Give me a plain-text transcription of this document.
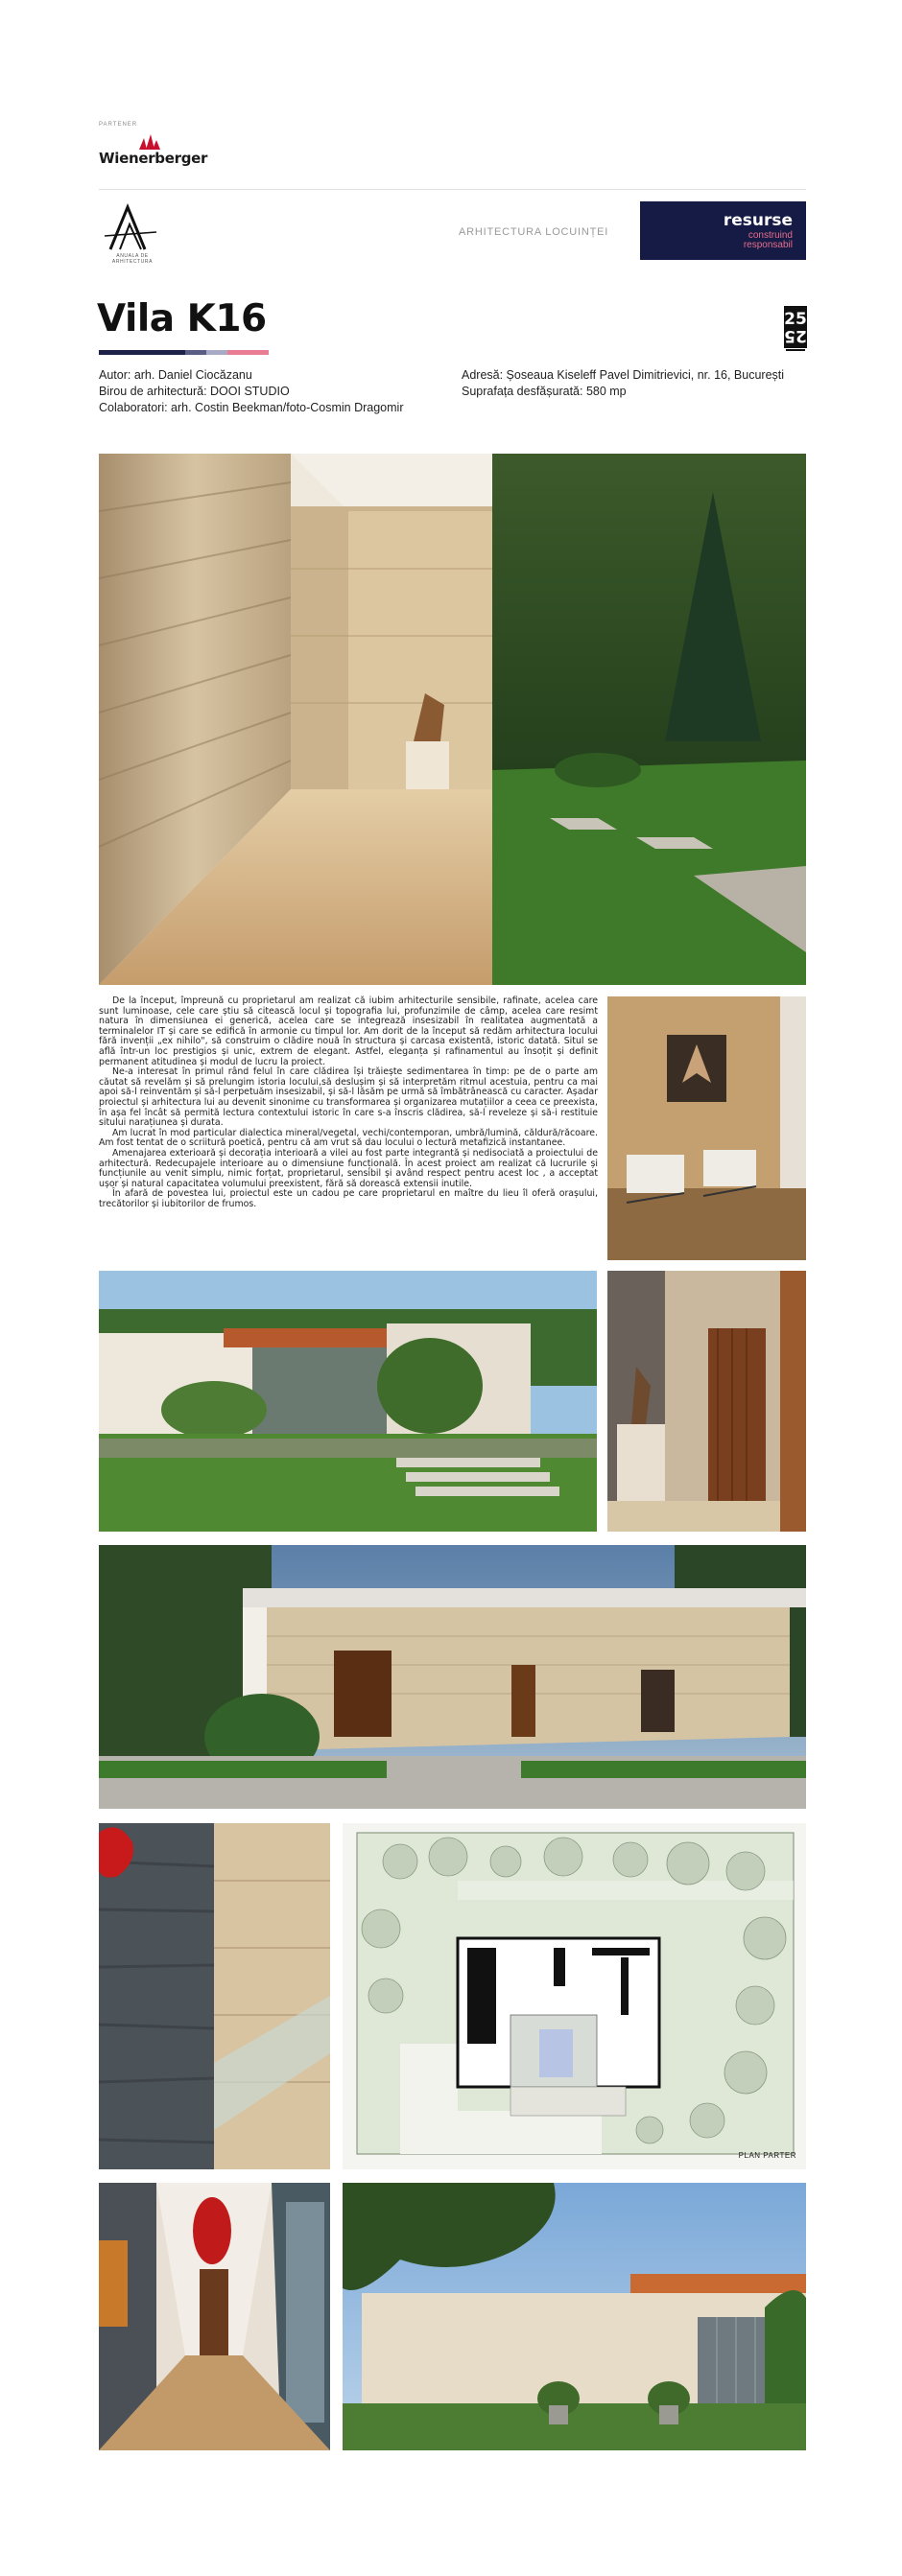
PARTENER
Wienerberger
ANUALA DE ARHITECTURA
ARHITECTURA LOCUINȚEI
resurse
construind
responsabil
Vila K16	25
25
Autor: arh. Daniel Ciocăzanu
Birou de arhitectură: DOOI STUDIO
Colaboratori: arh. Costin Beekman/foto-Cosmin Dragomir
Adresă: Șoseaua Kiseleff Pavel Dimitrievici, nr. 16, București
Suprafața desfășurată: 580 mp

De la început, împreună cu proprietarul am realizat că iubim arhitecturile sensibile, rafinate, acelea care sunt luminoase, cele care știu să citească locul și topografia lui, profunzimile de câmp, acelea care resimt natura în dimensiunea ei generică, acelea care se integrează insesizabil în realitatea augmentată a terminalelor IT și care se edifică în armonie cu timpul lor. Am dorit de la început să redăm arhitectura locului fără invenții „ex nihilo", să construim o clădire nouă în structura și carcasa existentă, istoric datată. Situl se află într-un loc prestigios și unic, extrem de elegant. Astfel, eleganța și rafinamentul au însoțit și definit permanent atitudinea și modul de lucru la proiect.

Ne-a interesat în primul rând felul în care clădirea își trăiește sedimentarea în timp: pe de o parte am căutat să revelăm și să prelungim istoria locului,să deslușim și să interpretăm ritmul acestuia, pentru ca mai apoi să-l reinventăm și să-l perpetuăm insesizabil, și să-l lăsăm pe urmă să îmbătrânească cu caracter. Așadar proiectul și arhitectura lui au devenit sinonime cu transformarea și organizarea mutațiilor a ceea ce preexista, în așa fel încât să permită lectura contextului istoric în care s-a înscris clădirea, să-l reveleze și să-i restituie sitului narațiunea și durata.

Am lucrat în mod particular dialectica mineral/vegetal, vechi/contemporan, umbră/lumină, căldură/răcoare. Am fost tentat de o scriitură poetică, pentru că am vrut să dau locului o lectură metafizică instantanee.

Amenajarea exterioară și decorația interioară a vilei au fost parte integrantă și nedisociată a proiectului de arhitectură. Redecupajele interioare au o dimensiune funcțională. În acest proiect am realizat că lucrurile și funcțiunile au venit simplu, nimic forțat, proprietarul, sensibil și având respect pentru acest loc , a acceptat ușor și natural capacitatea volumului preexistent, fără să dorească extensii inutile.

În afară de povestea lui, proiectul este un cadou pe care proprietarul en maître du lieu îl oferă orașului, trecătorilor și iubitorilor de frumos.

PLAN PARTER
